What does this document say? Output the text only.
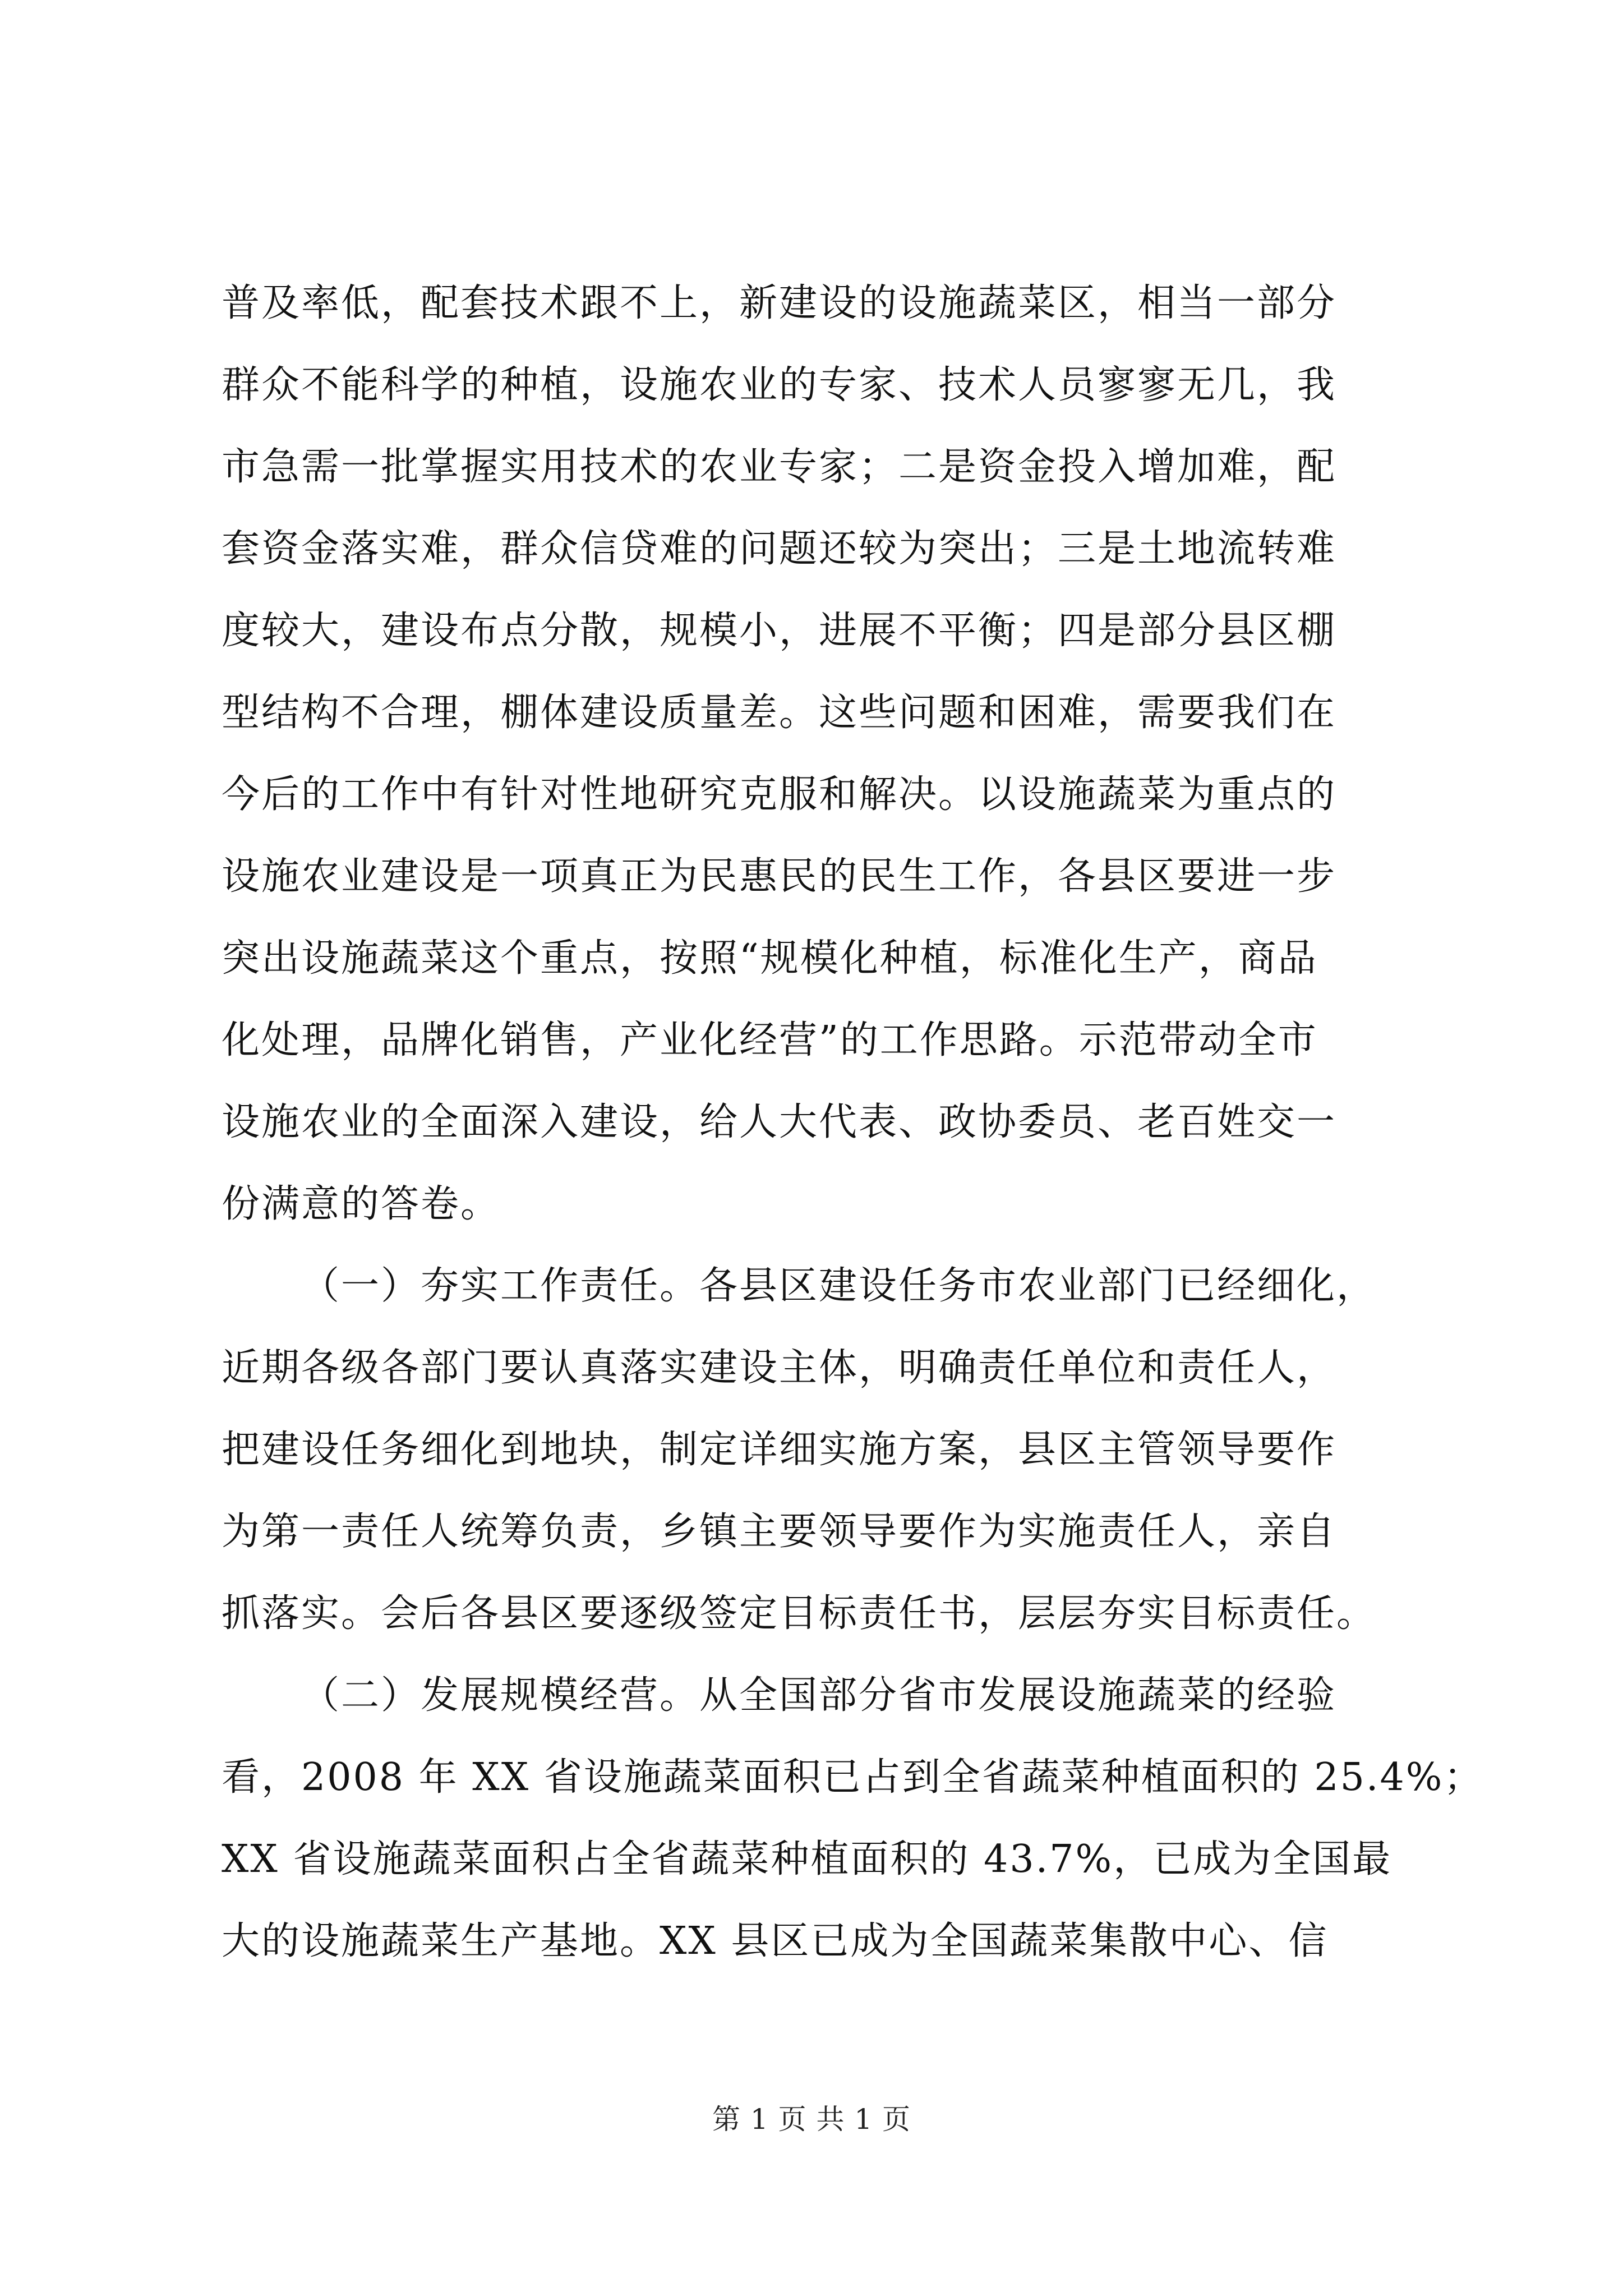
普及率低，配套技术跟不上，新建设的设施蔬菜区，相当一部分
群众不能科学的种植，设施农业的专家、技术人员寥寥无几，我
市急需一批掌握实用技术的农业专家；二是资金投入增加难，配
套资金落实难，群众信贷难的问题还较为突出；三是土地流转难
度较大，建设布点分散，规模小，进展不平衡；四是部分县区棚
型结构不合理，棚体建设质量差。这些问题和困难，需要我们在
今后的工作中有针对性地研究克服和解决。以设施蔬菜为重点的
设施农业建设是一项真正为民惠民的民生工作，各县区要进一步
突出设施蔬菜这个重点，按照“规模化种植，标准化生产，商品
化处理，品牌化销售，产业化经营”的工作思路。示范带动全市
设施农业的全面深入建设，给人大代表、政协委员、老百姓交一
份满意的答卷。
（一）夯实工作责任。各县区建设任务市农业部门已经细化，
近期各级各部门要认真落实建设主体，明确责任单位和责任人，
把建设任务细化到地块，制定详细实施方案，县区主管领导要作
为第一责任人统筹负责，乡镇主要领导要作为实施责任人，亲自
抓落实。会后各县区要逐级签定目标责任书，层层夯实目标责任。
（二）发展规模经营。从全国部分省市发展设施蔬菜的经验
看，2008 年 XX 省设施蔬菜面积已占到全省蔬菜种植面积的 25.4%；
XX 省设施蔬菜面积占全省蔬菜种植面积的 43.7%，已成为全国最
大的设施蔬菜生产基地。XX 县区已成为全国蔬菜集散中心、信
第 1 页 共 1 页
